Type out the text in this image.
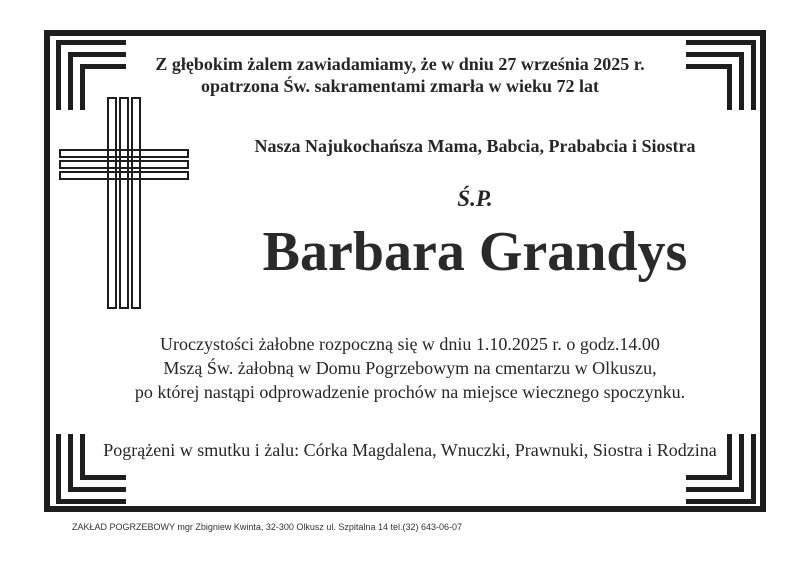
Z głębokim żalem zawiadamiamy, że w dniu 27 września 2025 r.
opatrzona Św. sakramentami zmarła w wieku 72 lat
Nasza Najukochańsza Mama, Babcia, Prababcia i Siostra
Ś.P.
Barbara Grandys
Uroczystości żałobne rozpoczną się w dniu 1.10.2025 r. o godz.14.00
Mszą Św. żałobną w Domu Pogrzebowym na cmentarzu w Olkuszu,
po której nastąpi odprowadzenie prochów na miejsce wiecznego spoczynku.
Pogrążeni w smutku i żalu: Córka Magdalena, Wnuczki, Prawnuki, Siostra i Rodzina
ZAKŁAD POGRZEBOWY mgr Zbigniew Kwinta, 32-300 Olkusz ul. Szpitalna 14 tel.(32) 643-06-07
